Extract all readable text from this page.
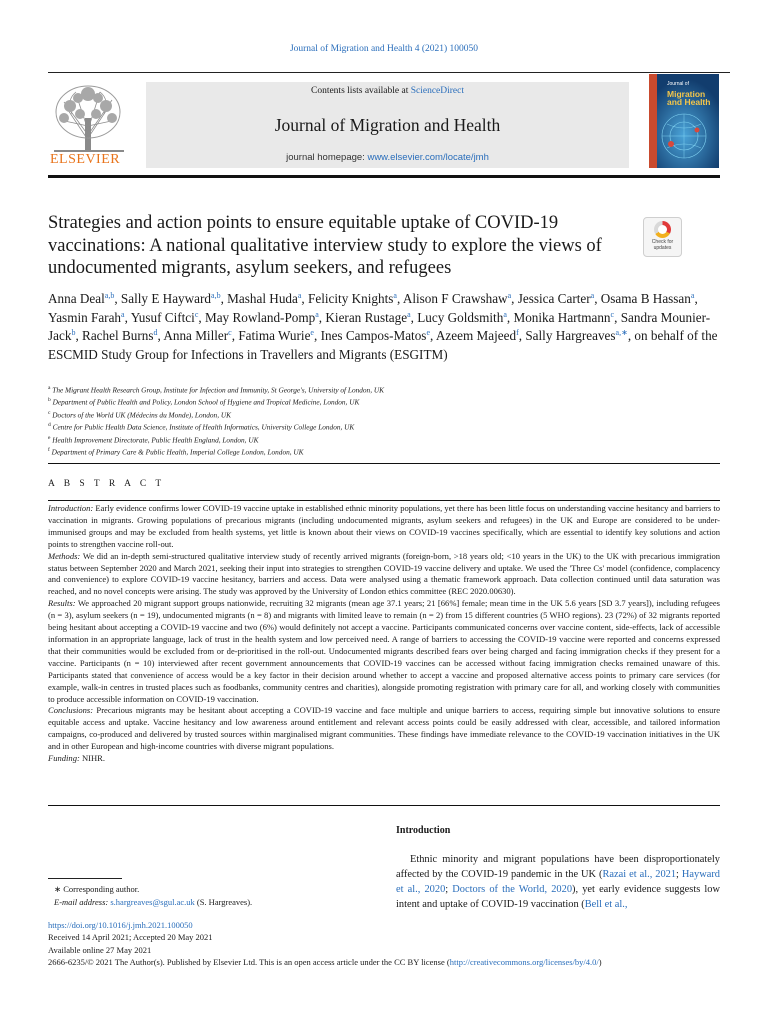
Journal of Migration and Health 4 (2021) 100050
ELSEVIER
Contents lists available at ScienceDirect
Journal of Migration and Health
journal homepage: www.elsevier.com/locate/jmh
Journal of
Migration and Health
Strategies and action points to ensure equitable uptake of COVID-19 vaccinations: A national qualitative interview study to explore the views of undocumented migrants, asylum seekers, and refugees
Check for updates
Anna Deal$^{a,b}$, Sally E Hayward$^{a,b}$, Mashal Huda$^a$, Felicity Knights$^a$, Alison F Crawshaw$^a$, Jessica Carter$^a$, Osama B Hassan$^a$, Yasmin Farah$^a$, Yusuf Ciftci$^c$, May Rowland-Pomp$^a$, Kieran Rustage$^a$, Lucy Goldsmith$^a$, Monika Hartmann$^c$, Sandra Mounier-Jack$^b$, Rachel Burns$^d$, Anna Miller$^c$, Fatima Wurie$^e$, Ines Campos-Matos$^e$, Azeem Majeed$^f$, Sally Hargreaves$^{a,∗}$, on behalf of the ESCMID Study Group for Infections in Travellers and Migrants (ESGITM)
$^a$ The Migrant Health Research Group, Institute for Infection and Immunity, St George's, University of London, UK
$^b$ Department of Public Health and Policy, London School of Hygiene and Tropical Medicine, London, UK
$^c$ Doctors of the World UK (Médecins du Monde), London, UK
$^d$ Centre for Public Health Data Science, Institute of Health Informatics, University College London, UK
$^e$ Health Improvement Directorate, Public Health England, London, UK
$^f$ Department of Primary Care & Public Health, Imperial College London, London, UK
A B S T R A C T
Introduction: Early evidence confirms lower COVID-19 vaccine uptake in established ethnic minority populations, yet there has been little focus on understanding vaccine hesitancy and barriers to vaccination in migrants. Growing populations of precarious migrants (including undocumented migrants, asylum seekers and refugees) in the UK and Europe are considered to be under-immunised groups and may be excluded from health systems, yet little is known about their views on COVID-19 vaccines specifically, which are essential to identify key solutions and action points to strengthen vaccine roll-out.
Methods: We did an in-depth semi-structured qualitative interview study of recently arrived migrants (foreign-born, >18 years old; <10 years in the UK) to the UK with precarious immigration status between September 2020 and March 2021, seeking their input into strategies to strengthen COVID-19 vaccine delivery and uptake. We used the 'Three Cs' model (confidence, complacency and convenience) to explore COVID-19 vaccine hesitancy, barriers and access. Data were analysed using a thematic framework approach. Data collection continued until data saturation was reached, and no novel concepts were arising. The study was approved by the University of London ethics committee (REC 2020.00630).
Results: We approached 20 migrant support groups nationwide, recruiting 32 migrants (mean age 37.1 years; 21 [66%] female; mean time in the UK 5.6 years [SD 3.7 years]), including refugees (n = 3), asylum seekers (n = 19), undocumented migrants (n = 8) and migrants with limited leave to remain (n = 2) from 15 different countries (5 WHO regions). 23 (72%) of 32 migrants reported being hesitant about accepting a COVID-19 vaccine and two (6%) would definitely not accept a vaccine. Participants communicated concerns over vaccine content, side-effects, lack of accessible information in an appropriate language, lack of trust in the health system and low perceived need. A range of barriers to accessing the COVID-19 vaccine were reported and concerns expressed that their communities would be excluded from or de-prioritised in the roll-out. Undocumented migrants described fears over being charged and facing immigration checks if they present for a vaccine. Participants (n = 10) interviewed after recent government announcements that COVID-19 vaccines can be accessed without facing immigration checks remained unaware of this. Participants stated that convenience of access would be a key factor in their decision around whether to accept a vaccine and proposed alternative access points to primary care services (for example, walk-in centres in trusted places such as foodbanks, community centres and charities), alongside promoting registration with primary care for all, and working closely with communities to produce accessible information on COVID-19 vaccination.
Conclusions: Precarious migrants may be hesitant about accepting a COVID-19 vaccine and face multiple and unique barriers to access, requiring simple but innovative solutions to ensure equitable access and uptake. Vaccine hesitancy and low awareness around entitlement and relevant access points could be easily addressed with clear, accessible, and tailored information campaigns, co-produced and delivered by trusted sources within marginalised migrant communities. These findings have immediate relevance to the COVID-19 vaccination initiatives in the UK and in other European and high-income countries with diverse migrant populations.
Funding: NIHR.
Introduction
Ethnic minority and migrant populations have been disproportionately affected by the COVID-19 pandemic in the UK (Razai et al., 2021; Hayward et al., 2020; Doctors of the World, 2020), yet early evidence suggests low intent and uptake of COVID-19 vaccination (Bell et al.,
∗ Corresponding author.
E-mail address: s.hargreaves@sgul.ac.uk (S. Hargreaves).
https://doi.org/10.1016/j.jmh.2021.100050
Received 14 April 2021; Accepted 20 May 2021
Available online 27 May 2021
2666-6235/© 2021 The Author(s). Published by Elsevier Ltd. This is an open access article under the CC BY license (http://creativecommons.org/licenses/by/4.0/)
